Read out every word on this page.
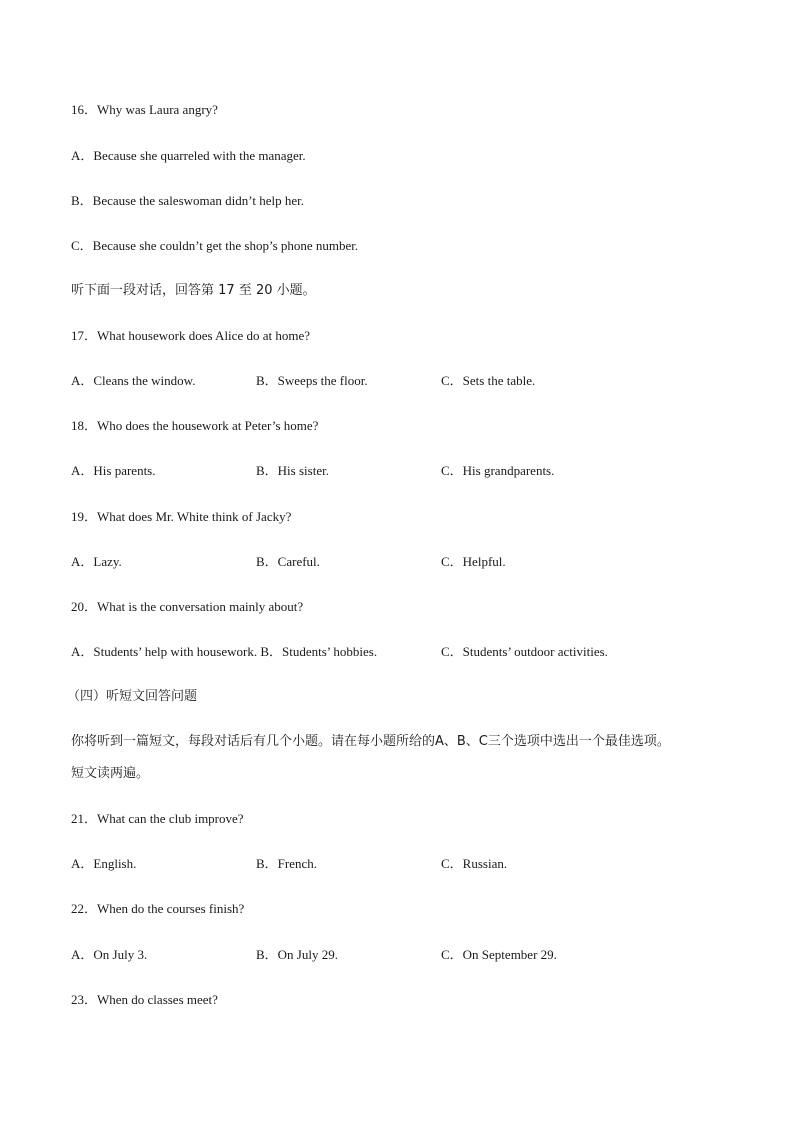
16．Why was Laura angry?
A．Because she quarreled with the manager.
B．Because the saleswoman didn’t help her.
C．Because she couldn’t get the shop’s phone number.
听下面一段对话，回答第 17 至 20 小题。
17．What housework does Alice do at home?
A．Cleans the window.	B．Sweeps the floor.	C．Sets the table.
18．Who does the housework at Peter’s home?
A．His parents.	B．His sister.	C．His grandparents.
19．What does Mr. White think of Jacky?
A．Lazy.	B．Careful.	C．Helpful.
20．What is the conversation mainly about?
A．Students’ help with housework. B．Students’ hobbies.	C．Students’ outdoor activities.
（四）听短文回答问题
你将听到一篇短文，每段对话后有几个小题。请在每小题所给的A、B、C三个选项中选出一个最佳选项。
短文读两遍。
21．What can the club improve?
A．English.	B．French.	C．Russian.
22．When do the courses finish?
A．On July 3.	B．On July 29.	C．On September 29.
23．When do classes meet?
